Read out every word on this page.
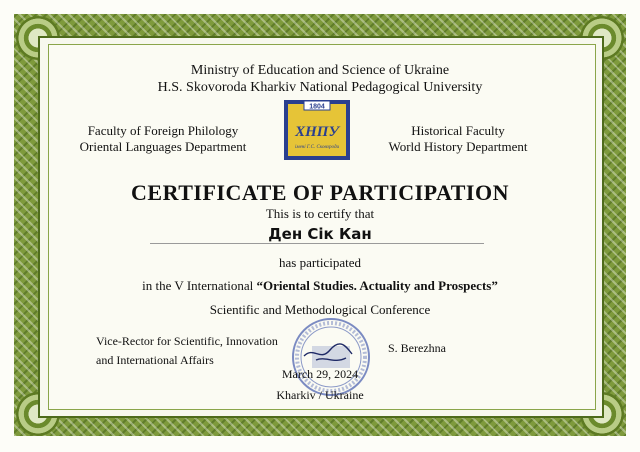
Ministry of Education and Science of Ukraine
H.S. Skovoroda Kharkiv National Pedagogical University
Faculty of Foreign Philology
Oriental Languages Department
1804
ХНПУ
імені Г.С. Сковороди
Historical Faculty
World History Department
CERTIFICATE OF PARTICIPATION
This is to certify that
Ден Сік Кан
has participated
in the V International “Oriental Studies. Actuality and Prospects”
Scientific and Methodological Conference
Vice-Rector for Scientific, Innovation
and International Affairs
S. Berezhna
March 29, 2024
Kharkiv / Ukraine
